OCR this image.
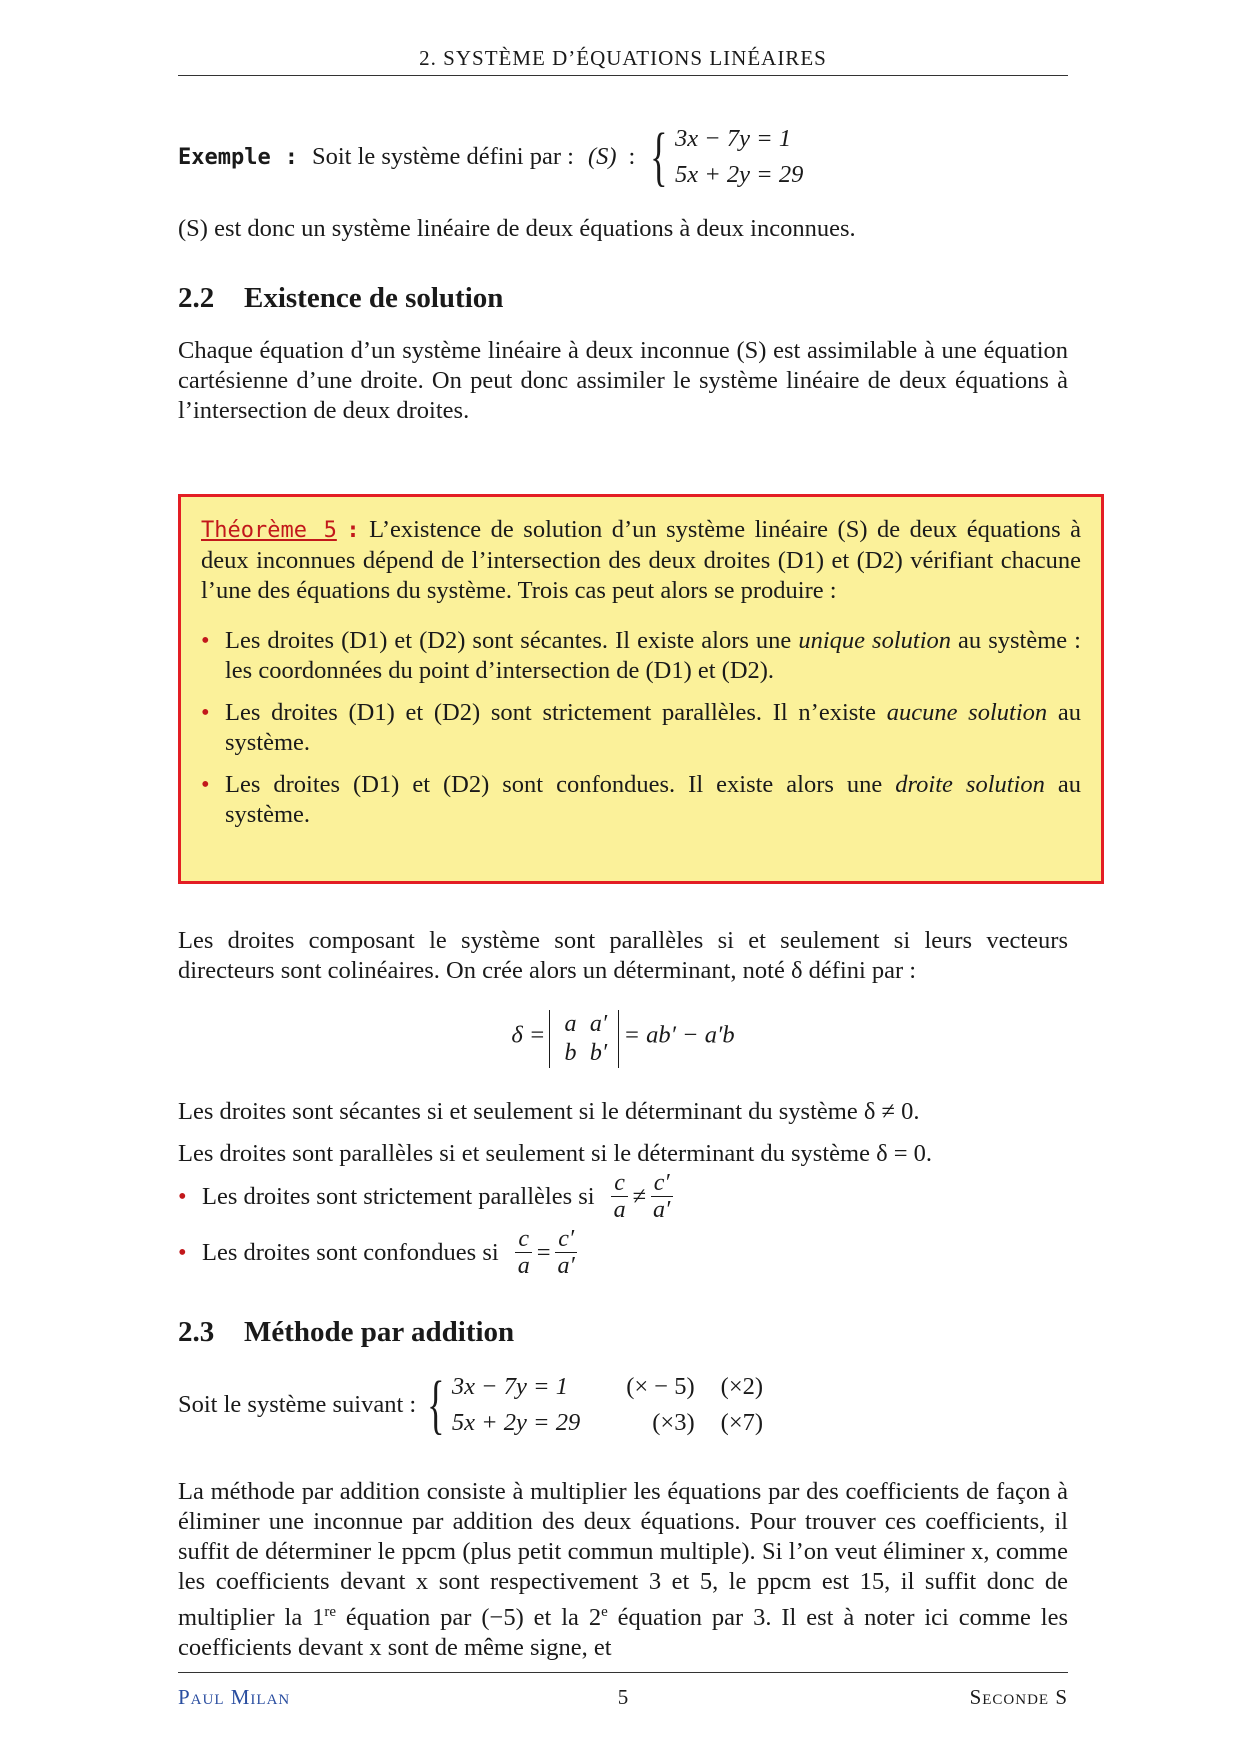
2. SYSTÈME D’ÉQUATIONS LINÉAIRES
Exemple : Soit le système défini par : (S) : { 3x − 7y = 1
5x + 2y = 29

(S) est donc un système linéaire de deux équations à deux inconnues.

2.2 Existence de solution

Chaque équation d’un système linéaire à deux inconnue (S) est assimilable à une équation cartésienne d’une droite. On peut donc assimiler le système linéaire de deux équations à l’intersection de deux droites.

Théorème 5 : L’existence de solution d’un système linéaire (S) de deux équations à deux inconnues dépend de l’intersection des deux droites (D1) et (D2) vérifiant chacune l’une des équations du système. Trois cas peut alors se produire :

• Les droites (D1) et (D2) sont sécantes. Il existe alors une unique solution au système : les coordonnées du point d’intersection de (D1) et (D2).
• Les droites (D1) et (D2) sont strictement parallèles. Il n’existe aucune solution au système.
• Les droites (D1) et (D2) sont confondues. Il existe alors une droite solution au système.

Les droites composant le système sont parallèles si et seulement si leurs vecteurs directeurs sont colinéaires. On crée alors un déterminant, noté δ défini par :

δ = a a′
b b′
= ab′ − a′b

Les droites sont sécantes si et seulement si le déterminant du système δ ≠ 0.

Les droites sont parallèles si et seulement si le déterminant du système δ = 0.

• Les droites sont strictement parallèles si $\frac{c}{a} \ne \frac{c'}{a'}$
• Les droites sont confondues si $\frac{c}{a} = \frac{c'}{a'}$
2.3 Méthode par addition
Soit le système suivant : { 3x − 7y = 1
5x + 2y = 29
(× − 5)
(×3)
(×2)
(×7)

La méthode par addition consiste à multiplier les équations par des coefficients de façon à éliminer une inconnue par addition des deux équations. Pour trouver ces coefficients, il suffit de déterminer le ppcm (plus petit commun multiple). Si l’on veut éliminer x, comme les coefficients devant x sont respectivement 3 et 5, le ppcm est 15, il suffit donc de multiplier la 1re équation par (−5) et la 2e équation par 3. Il est à noter ici comme les coefficients devant x sont de même signe, et

5
Paul Milan	Seconde S
